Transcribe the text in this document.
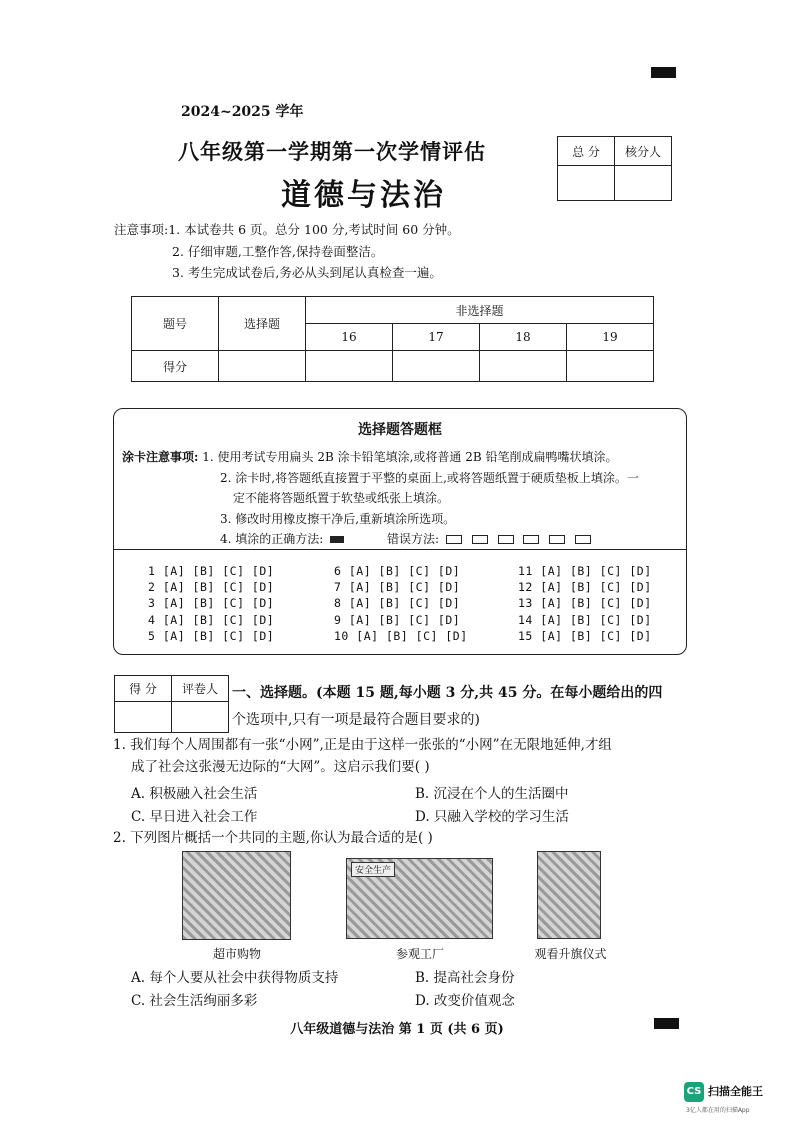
2024~2025 学年
八年级第一学期第一次学情评估
道德与法治
总 分	核分人

注意事项:1. 本试卷共 6 页。总分 100 分,考试时间 60 分钟。
2. 仔细审题,工整作答,保持卷面整洁。
3. 考生完成试卷后,务必从头到尾认真检查一遍。
题号	选择题	非选择题			
		16	17	18	19
得分					
选择题答题框
涂卡注意事项: 1. 使用考试专用扁头 2B 涂卡铅笔填涂,或将普通 2B 铅笔削成扁鸭嘴状填涂。
2. 涂卡时,将答题纸直接置于平整的桌面上,或将答题纸置于硬质垫板上填涂。一
定不能将答题纸置于软垫或纸张上填涂。
3. 修改时用橡皮擦干净后,重新填涂所选项。
4. 填涂的正确方法:	错误方法:
1 [A] [B] [C] [D]
2 [A] [B] [C] [D]
3 [A] [B] [C] [D]
4 [A] [B] [C] [D]
5 [A] [B] [C] [D]
6 [A] [B] [C] [D]
7 [A] [B] [C] [D]
8 [A] [B] [C] [D]
9 [A] [B] [C] [D]
10 [A] [B] [C] [D]
11 [A] [B] [C] [D]
12 [A] [B] [C] [D]
13 [A] [B] [C] [D]
14 [A] [B] [C] [D]
15 [A] [B] [C] [D]
得 分	评卷人
	一、选择题。(本题 15 题,每小题 3 分,共 45 分。在每小题给出的四
个选项中,只有一项是最符合题目要求的)
1. 我们每个人周围都有一张“小网”,正是由于这样一张张的“小网”在无限地延伸,才组
成了社会这张漫无边际的“大网”。这启示我们要( )
A. 积极融入社会生活	B. 沉浸在个人的生活圈中
C. 早日进入社会工作	D. 只融入学校的学习生活
2. 下列图片概括一个共同的主题,你认为最合适的是( )
安全生产
超市购物	参观工厂	观看升旗仪式
A. 每个人要从社会中获得物质支持	B. 提高社会身份
C. 社会生活绚丽多彩	D. 改变价值观念
八年级道德与法治 第 1 页 (共 6 页)
CS 扫描全能王
3亿人都在用的扫描App
